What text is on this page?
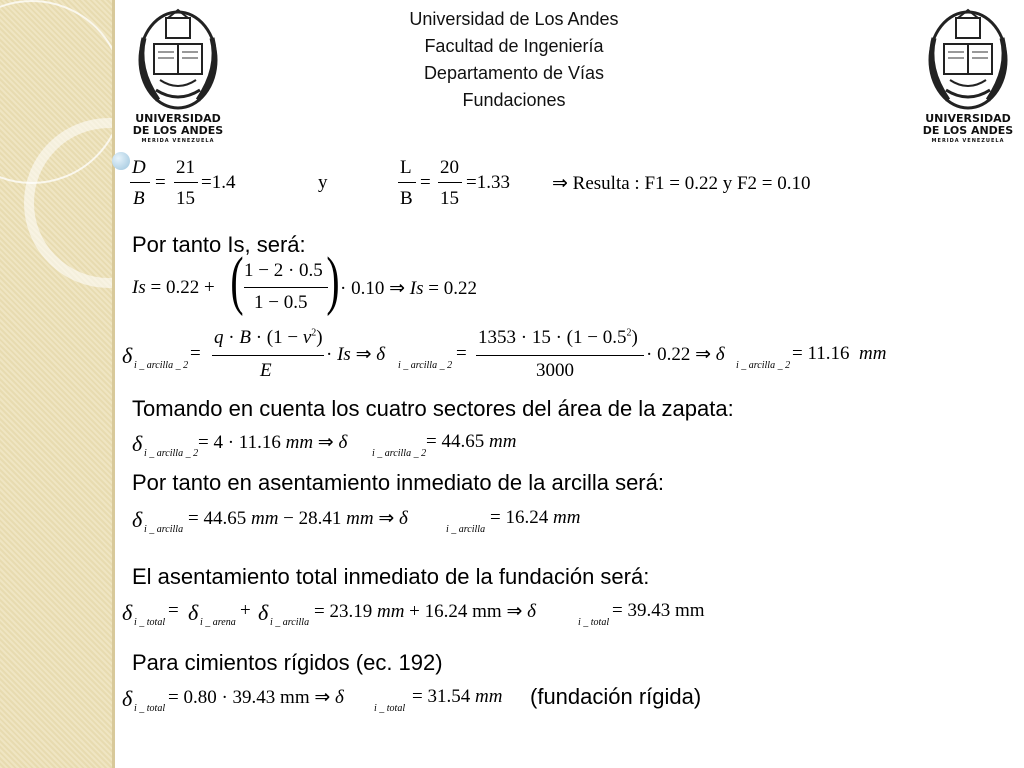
Universidad de Los Andes
Facultad de Ingeniería
Departamento de Vías
Fundaciones
UNIVERSIDAD
DE LOS ANDES
MERIDA VENEZUELA
UNIVERSIDAD
DE LOS ANDES
MERIDA VENEZUELA
D
B
=
21
15
=1.4	y
L
B
=
20
15
=1.33 ⇒ Resulta : F1 = 0.22 y F2 = 0.10
Por tanto Is, será:
Is = 0.22 + ( 1 − 2 · 0.5
1 − 0.5 ) · 0.10 ⇒ Is = 0.22
δ i _ arcilla _ 2
=
$q \cdot B \cdot (1 - \nu^2)$
E
· Is ⇒ δ
i _ arcilla _ 2
=
$1353 \cdot 15 \cdot (1 - 0.5^2)$
3000
· 0.22 ⇒ δ
i _ arcilla _ 2
= 11.16  mm
Tomando en cuenta los cuatro sectores del área de la zapata:
δ i _ arcilla _ 2
= 4 · 11.16 mm ⇒ δ
i _ arcilla _ 2
= 44.65 mm
Por tanto en asentamiento inmediato de la arcilla será:
δ i _ arcilla
= 44.65 mm − 28.41 mm ⇒ δ
i _ arcilla
= 16.24 mm
El asentamiento total inmediato de la fundación será:
δ i _ total
= δ i _ arena
+ δ i _ arcilla
= 23.19 mm + 16.24 mm ⇒ δ
i _ total
= 39.43 mm
Para cimientos rígidos (ec. 192)
δ i _ total
= 0.80 · 39.43 mm ⇒ δ
i _ total
= 31.54 mm (fundación rígida)
